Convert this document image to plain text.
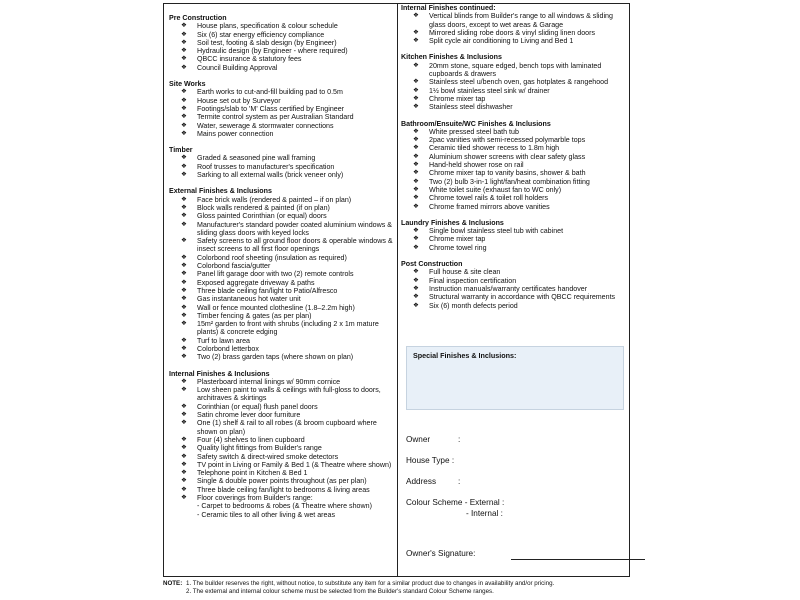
Pre Construction
❖ House plans, specification & colour schedule
❖ Six (6) star energy efficiency compliance
❖ Soil test, footing & slab design (by Engineer)
❖ Hydraulic design (by Engineer - where required)
❖ QBCC insurance & statutory fees
❖ Council Building Approval
Site Works
❖ Earth works to cut-and-fill building pad to 0.5m
❖ House set out by Surveyor
❖ Footings/slab to 'M' Class certified by Engineer
❖ Termite control system as per Australian Standard
❖ Water, sewerage & stormwater connections
❖ Mains power connection
Timber
❖ Graded & seasoned pine wall framing
❖ Roof trusses to manufacturer's specification
❖ Sarking to all external walls (brick veneer only)
External Finishes & Inclusions
❖ Face brick walls (rendered & painted – if on plan)
❖ Block walls rendered & painted (if on plan)
❖ Gloss painted Corinthian (or equal) doors
❖ Manufacturer's standard powder coated aluminium windows & sliding glass doors with keyed locks
❖ Safety screens to all ground floor doors & operable windows & insect screens to all first floor openings
❖ Colorbond roof sheeting (insulation as required)
❖ Colorbond fascia/gutter
❖ Panel lift garage door with two (2) remote controls
❖ Exposed aggregate driveway & paths
❖ Three blade ceiling fan/light to Patio/Alfresco
❖ Gas instantaneous hot water unit
❖ Wall or fence mounted clothesline (1.8–2.2m high)
❖ Timber fencing & gates (as per plan)
❖ 15m² garden to front with shrubs (including 2 x 1m mature plants) & concrete edging
❖ Turf to lawn area
❖ Colorbond letterbox
❖ Two (2) brass garden taps (where shown on plan)
Internal Finishes & Inclusions
❖ Plasterboard internal linings w/ 90mm cornice
❖ Low sheen paint to walls & ceilings with full-gloss to doors, architraves & skirtings
❖ Corinthian (or equal) flush panel doors
❖ Satin chrome lever door furniture
❖ One (1) shelf & rail to all robes (& broom cupboard where shown on plan)
❖ Four (4) shelves to linen cupboard
❖ Quality light fittings from Builder's range
❖ Safety switch & direct-wired smoke detectors
❖ TV point in Living or Family & Bed 1 (& Theatre where shown)
❖ Telephone point in Kitchen & Bed 1
❖ Single & double power points throughout (as per plan)
❖ Three blade ceiling fan/light to bedrooms & living areas
❖ Floor coverings from Builder's range:
- Carpet to bedrooms & robes (& Theatre where shown)
- Ceramic tiles to all other living & wet areas
Internal Finishes continued:
❖ Vertical blinds from Builder's range to all windows & sliding glass doors, except to wet areas & Garage
❖ Mirrored sliding robe doors & vinyl sliding linen doors
❖ Split cycle air conditioning to Living and Bed 1
Kitchen Finishes & Inclusions
❖ 20mm stone, square edged, bench tops with laminated cupboards & drawers
❖ Stainless steel u/bench oven, gas hotplates & rangehood
❖ 1½ bowl stainless steel sink w/ drainer
❖ Chrome mixer tap
❖ Stainless steel dishwasher
Bathroom/Ensuite/WC Finishes & Inclusions
❖ White pressed steel bath tub
❖ 2pac vanities with semi-recessed polymarble tops
❖ Ceramic tiled shower recess to 1.8m high
❖ Aluminium shower screens with clear safety glass
❖ Hand-held shower rose on rail
❖ Chrome mixer tap to vanity basins, shower & bath
❖ Two (2) bulb 3-in-1 light/fan/heat combination fitting
❖ White toilet suite (exhaust fan to WC only)
❖ Chrome towel rails & toilet roll holders
❖ Chrome framed mirrors above vanities
Laundry Finishes & Inclusions
❖ Single bowl stainless steel tub with cabinet
❖ Chrome mixer tap
❖ Chrome towel ring
Post Construction
❖ Full house & site clean
❖ Final inspection certification
❖ Instruction manuals/warranty certificates handover
❖ Structural warranty in accordance with QBCC requirements
❖ Six (6) month defects period
Special Finishes & Inclusions:
Owner	:
House Type :
Address	:
Colour Scheme - External :
- Internal :
Owner's Signature:
NOTE: 1. The builder reserves the right, without notice, to substitute any item for a similar product due to changes in availability and/or pricing.
2. The external and internal colour scheme must be selected from the Builder's standard Colour Scheme ranges.
